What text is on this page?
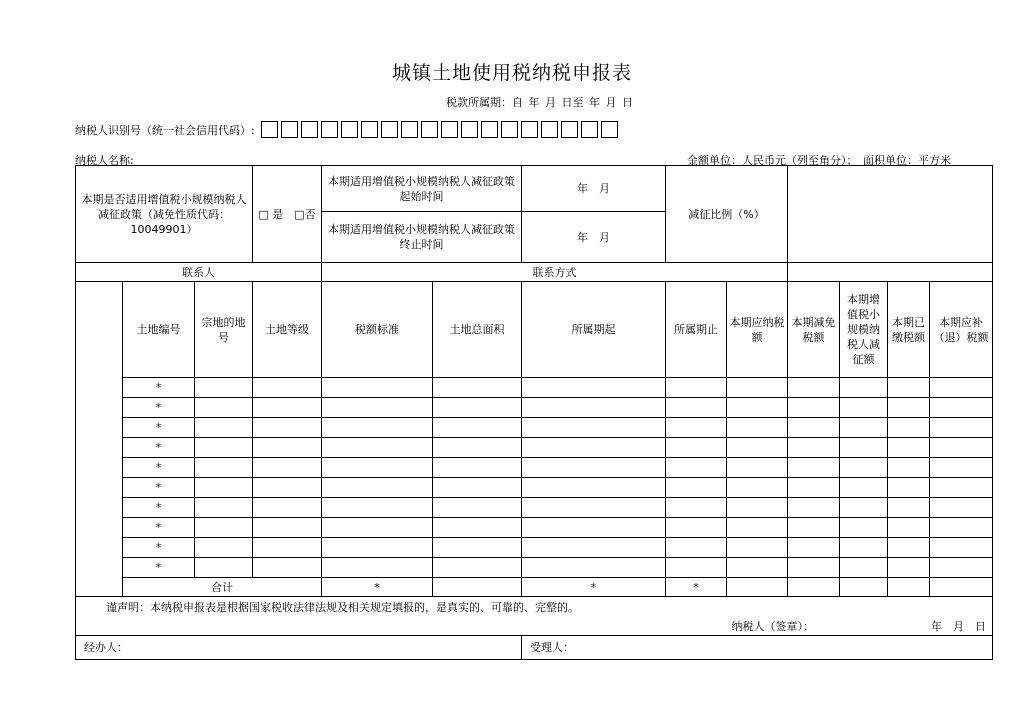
城镇土地使用税纳税申报表
税款所属期：自 年 月 日至 年 月 日
纳税人识别号（统一社会信用代码）:
纳税人名称:	金额单位：人民币元（列至角分）；　面积单位：平方米
本期是否适用增值税小规模纳税人减征政策（减免性质代码：10049901）			□ 是　□否	本期适用增值税小规模纳税人减征政策起始时间		年　月	减征比例（%）					
				本期适用增值税小规模纳税人减征政策终止时间		年　月						
联系人				联系方式								
	土地编号	宗地的地号	土地等级	税额标准	土地总面积	所属期起	所属期止	本期应纳税额	本期减免税额	本期增值税小规模纳税人减征额	本期已缴税额	本期应补（退）税额
	*											
	*											
	*											
	*											
	*											
	*											
	*											
	*											
	*											
	*											
	合计			*		*	*					
谨声明：本纳税申报表是根据国家税收法律法规及相关规定填报的，是真实的、可靠的、完整的。												
纳税人（签章）： 年　月　日												
经办人：						受理人：						
